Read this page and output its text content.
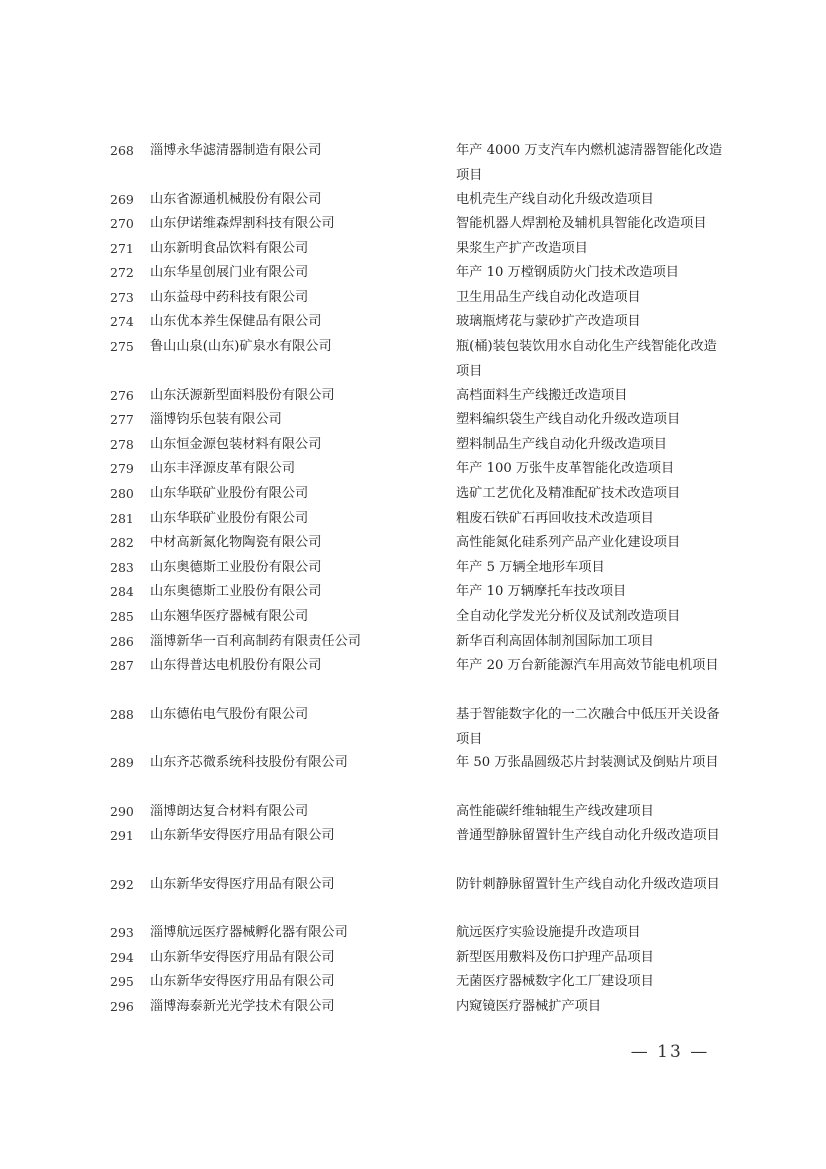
268	淄博永华滤清器制造有限公司	年产 4000 万支汽车内燃机滤清器智能化改造项目
269	山东省源通机械股份有限公司	电机壳生产线自动化升级改造项目
270	山东伊诺维森焊割科技有限公司	智能机器人焊割枪及辅机具智能化改造项目
271	山东新明食品饮料有限公司	果浆生产扩产改造项目
272	山东华星创展门业有限公司	年产 10 万樘钢质防火门技术改造项目
273	山东益母中药科技有限公司	卫生用品生产线自动化改造项目
274	山东优本养生保健品有限公司	玻璃瓶烤花与蒙砂扩产改造项目
275	鲁山山泉(山东)矿泉水有限公司	瓶(桶)装包装饮用水自动化生产线智能化改造项目
276	山东沃源新型面料股份有限公司	高档面料生产线搬迁改造项目
277	淄博钧乐包装有限公司	塑料编织袋生产线自动化升级改造项目
278	山东恒金源包装材料有限公司	塑料制品生产线自动化升级改造项目
279	山东丰泽源皮革有限公司	年产 100 万张牛皮革智能化改造项目
280	山东华联矿业股份有限公司	选矿工艺优化及精准配矿技术改造项目
281	山东华联矿业股份有限公司	粗废石铁矿石再回收技术改造项目
282	中材高新氮化物陶瓷有限公司	高性能氮化硅系列产品产业化建设项目
283	山东奥德斯工业股份有限公司	年产 5 万辆全地形车项目
284	山东奥德斯工业股份有限公司	年产 10 万辆摩托车技改项目
285	山东翘华医疗器械有限公司	全自动化学发光分析仪及试剂改造项目
286	淄博新华一百利高制药有限责任公司	新华百利高固体制剂国际加工项目
287	山东得普达电机股份有限公司	年产 20 万台新能源汽车用高效节能电机项目
288	山东德佑电气股份有限公司	基于智能数字化的一二次融合中低压开关设备项目
289	山东齐芯微系统科技股份有限公司	年 50 万张晶圆级芯片封装测试及倒贴片项目
290	淄博朗达复合材料有限公司	高性能碳纤维轴辊生产线改建项目
291	山东新华安得医疗用品有限公司	普通型静脉留置针生产线自动化升级改造项目
292	山东新华安得医疗用品有限公司	防针刺静脉留置针生产线自动化升级改造项目
293	淄博航远医疗器械孵化器有限公司	航远医疗实验设施提升改造项目
294	山东新华安得医疗用品有限公司	新型医用敷料及伤口护理产品项目
295	山东新华安得医疗用品有限公司	无菌医疗器械数字化工厂建设项目
296	淄博海泰新光光学技术有限公司	内窥镜医疗器械扩产项目
— 13 —
